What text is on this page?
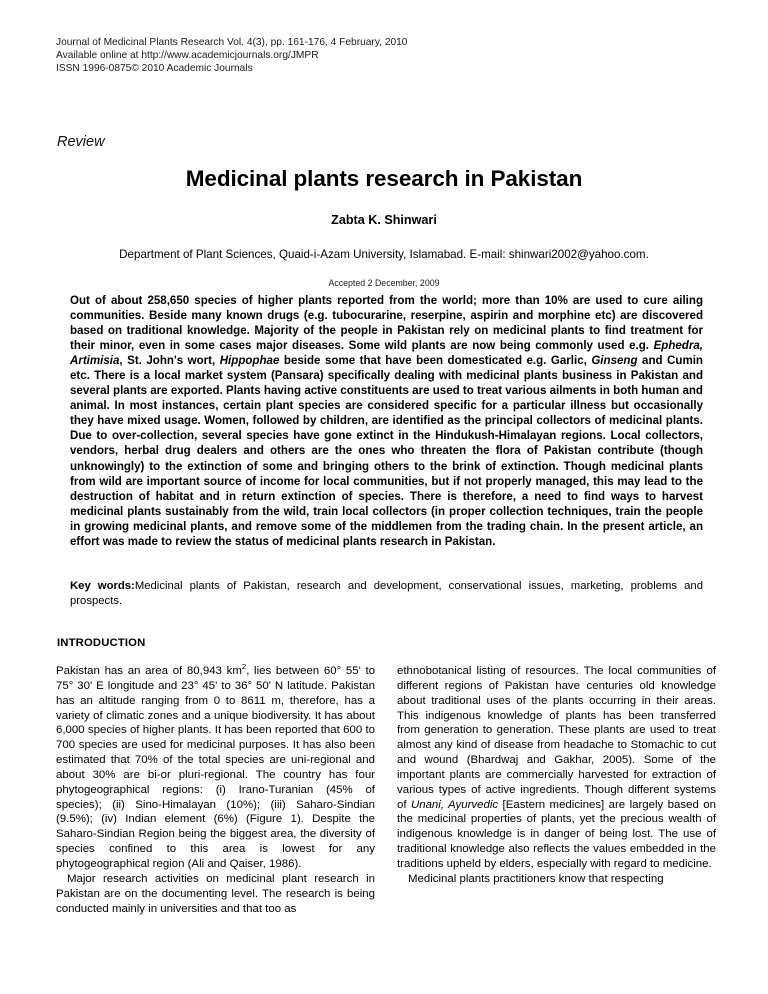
Journal of Medicinal Plants Research Vol. 4(3), pp. 161-176, 4 February, 2010
Available online at http://www.academicjournals.org/JMPR
ISSN 1996-0875© 2010 Academic Journals
Review
Medicinal plants research in Pakistan
Zabta K. Shinwari
Department of Plant Sciences, Quaid-i-Azam University, Islamabad. E-mail: shinwari2002@yahoo.com.
Accepted 2 December, 2009
Out of about 258,650 species of higher plants reported from the world; more than 10% are used to cure ailing communities. Beside many known drugs (e.g. tubocurarine, reserpine, aspirin and morphine etc) are discovered based on traditional knowledge. Majority of the people in Pakistan rely on medicinal plants to find treatment for their minor, even in some cases major diseases. Some wild plants are now being commonly used e.g. Ephedra, Artimisia, St. John's wort, Hippophae beside some that have been domesticated e.g. Garlic, Ginseng and Cumin etc. There is a local market system (Pansara) specifically dealing with medicinal plants business in Pakistan and several plants are exported. Plants having active constituents are used to treat various ailments in both human and animal. In most instances, certain plant species are considered specific for a particular illness but occasionally they have mixed usage. Women, followed by children, are identified as the principal collectors of medicinal plants. Due to over-collection, several species have gone extinct in the Hindukush-Himalayan regions. Local collectors, vendors, herbal drug dealers and others are the ones who threaten the flora of Pakistan contribute (though unknowingly) to the extinction of some and bringing others to the brink of extinction. Though medicinal plants from wild are important source of income for local communities, but if not properly managed, this may lead to the destruction of habitat and in return extinction of species. There is therefore, a need to find ways to harvest medicinal plants sustainably from the wild, train local collectors (in proper collection techniques, train the people in growing medicinal plants, and remove some of the middlemen from the trading chain. In the present article, an effort was made to review the status of medicinal plants research in Pakistan.
Key words:Medicinal plants of Pakistan, research and development, conservational issues, marketing, problems and prospects.
INTRODUCTION

Pakistan has an area of 80,943 $km^2$, lies between 60° 55' to 75° 30' E longitude and 23° 45' to 36° 50' N latitude. Pakistan has an altitude ranging from 0 to 8611 m, therefore, has a variety of climatic zones and a unique biodiversity. It has about 6,000 species of higher plants. It has been reported that 600 to 700 species are used for medicinal purposes. It has also been estimated that 70% of the total species are uni-regional and about 30% are bi-or pluri-regional. The country has four phytogeographical regions: (i) Irano-Turanian (45% of species); (ii) Sino-Himalayan (10%); (iii) Saharo-Sindian (9.5%); (iv) Indian element (6%) (Figure 1). Despite the Saharo-Sindian Region being the biggest area, the diversity of species confined to this area is lowest for any phytogeographical region (Ali and Qaiser, 1986).

Major research activities on medicinal plant research in Pakistan are on the documenting level. The research is being conducted mainly in universities and that too as

ethnobotanical listing of resources. The local communities of different regions of Pakistan have centuries old knowledge about traditional uses of the plants occurring in their areas. This indigenous knowledge of plants has been transferred from generation to generation. These plants are used to treat almost any kind of disease from headache to Stomachic to cut and wound (Bhardwaj and Gakhar, 2005). Some of the important plants are commercially harvested for extraction of various types of active ingredients. Though different systems of Unani, Ayurvedic [Eastern medicines] are largely based on the medicinal properties of plants, yet the precious wealth of indigenous knowledge is in danger of being lost. The use of traditional knowledge also reflects the values embedded in the traditions upheld by elders, especially with regard to medicine.

Medicinal plants practitioners know that respecting
